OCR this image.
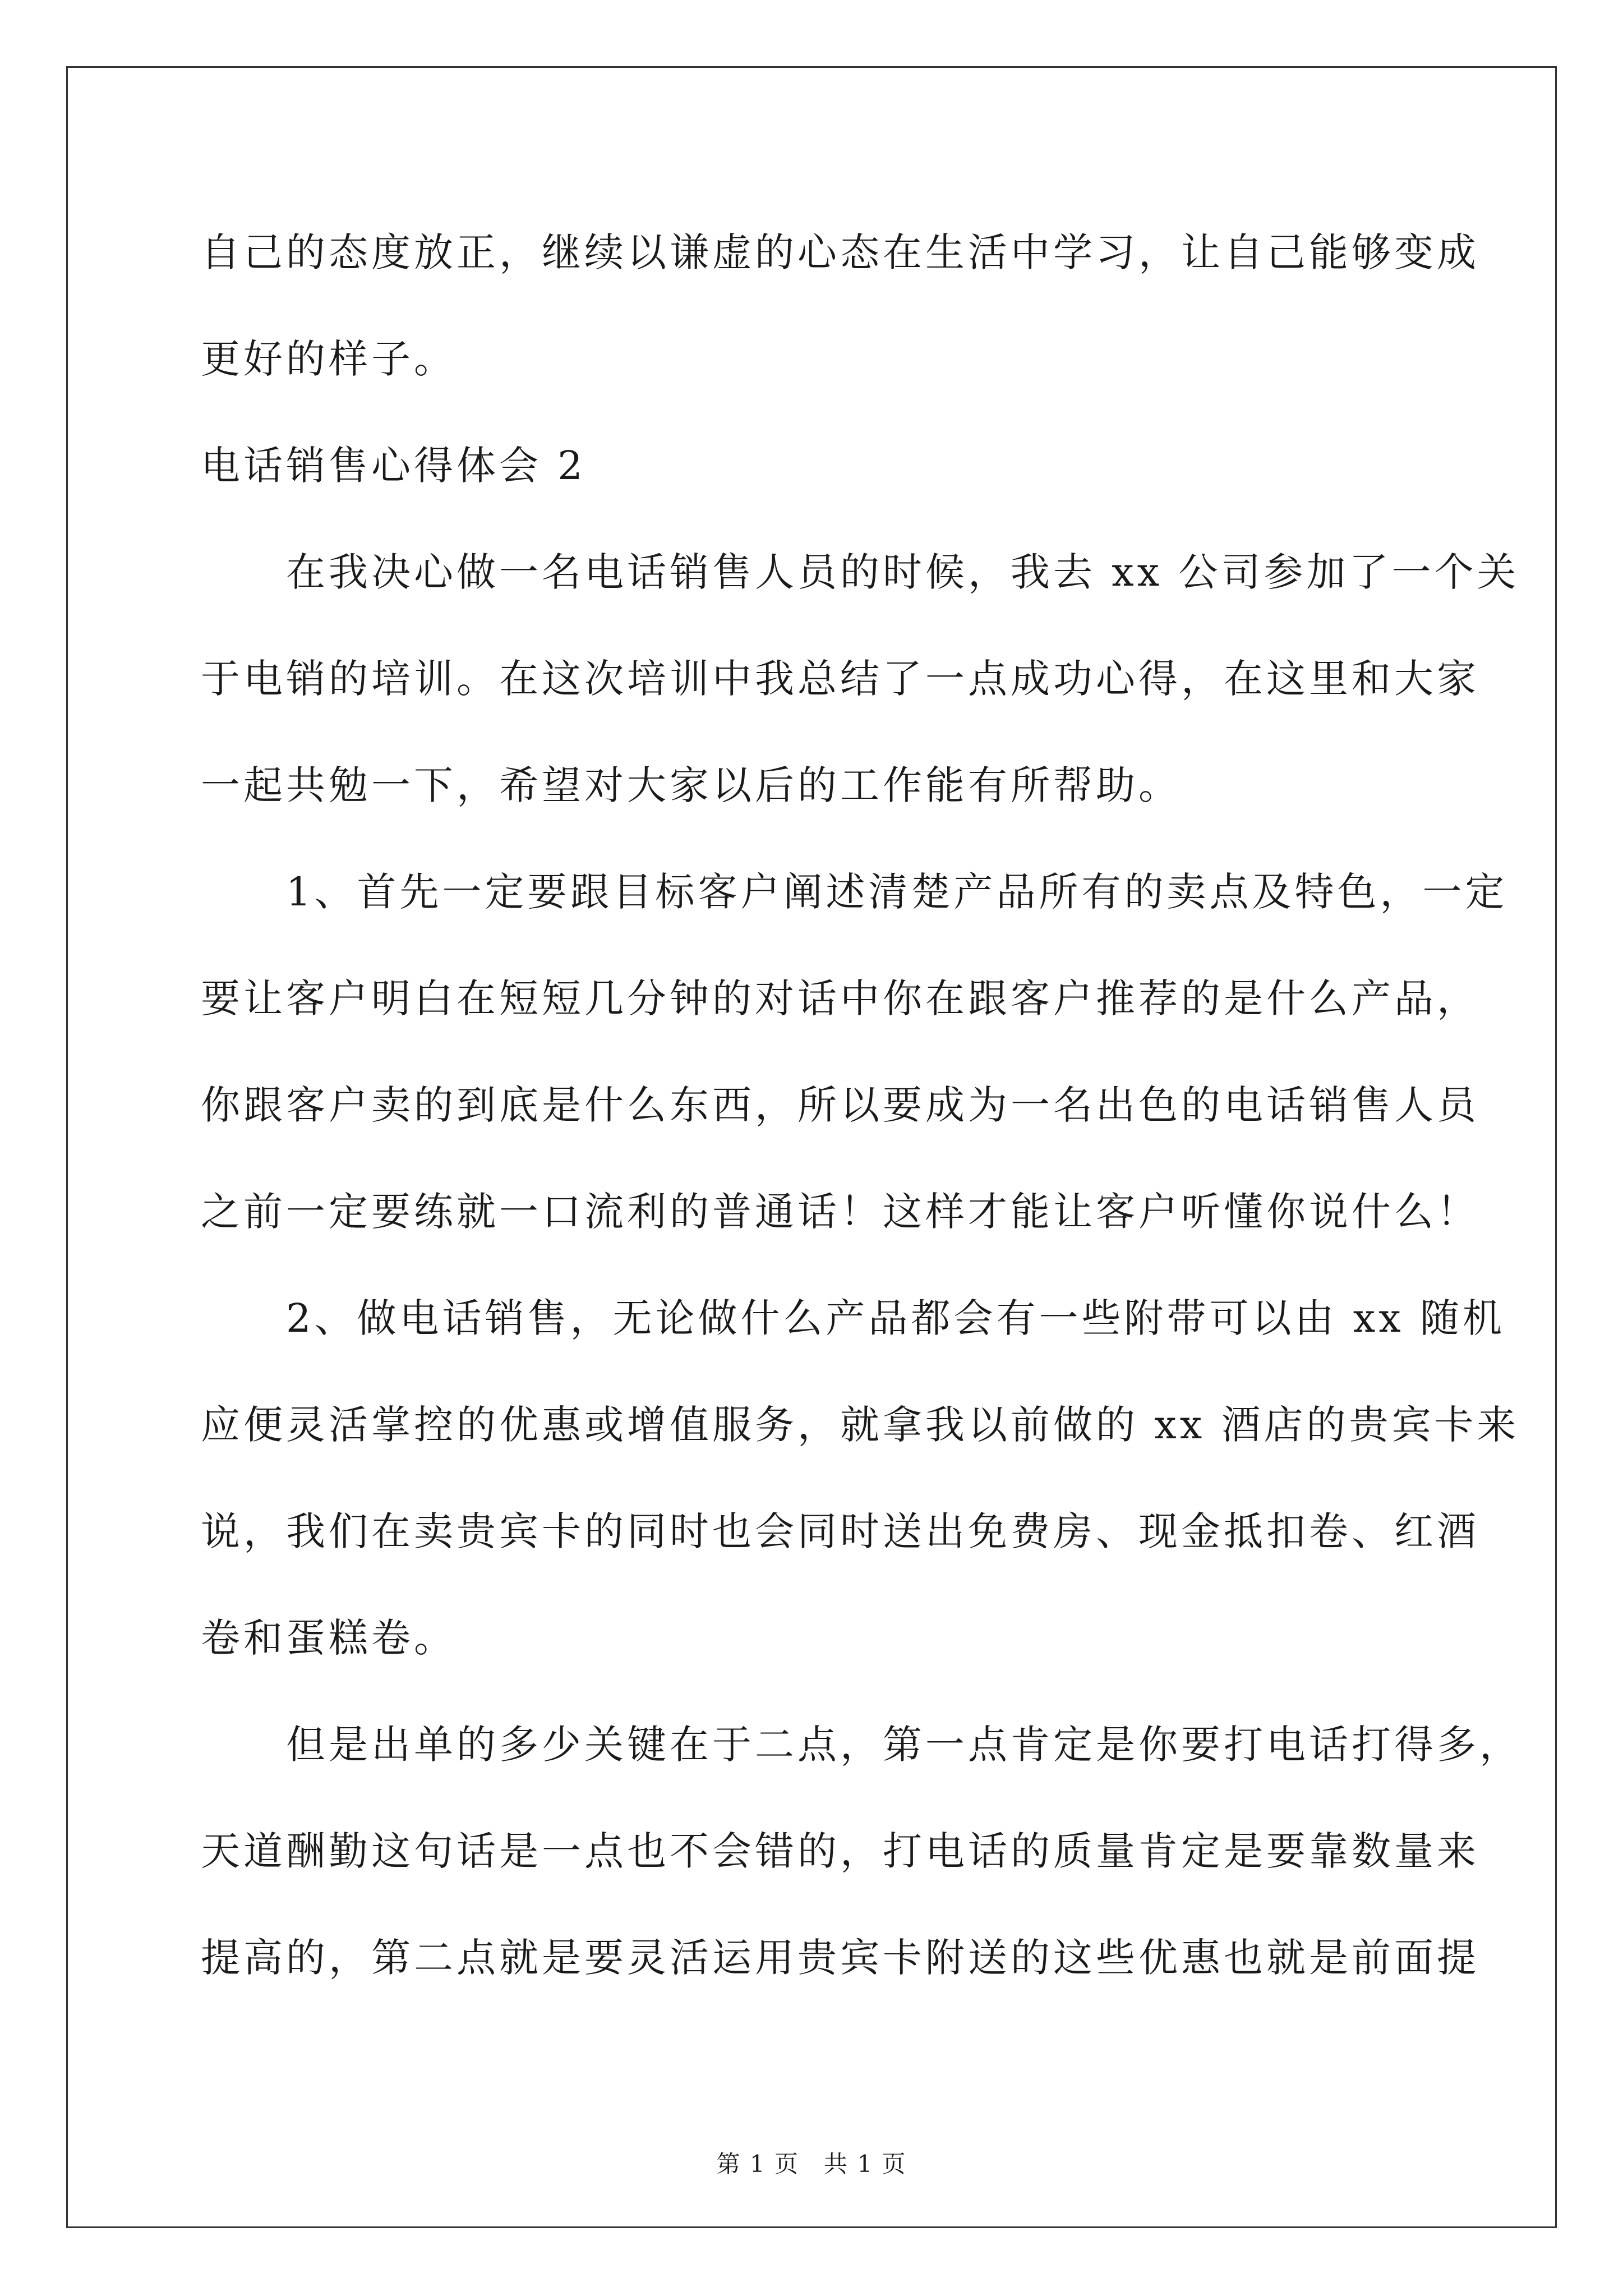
自己的态度放正，继续以谦虚的心态在生活中学习，让自己能够变成

更好的样子。

电话销售心得体会 2

　　在我决心做一名电话销售人员的时候，我去 xx 公司参加了一个关

于电销的培训。在这次培训中我总结了一点成功心得，在这里和大家

一起共勉一下，希望对大家以后的工作能有所帮助。

　　1、首先一定要跟目标客户阐述清楚产品所有的卖点及特色，一定

要让客户明白在短短几分钟的对话中你在跟客户推荐的是什么产品，

你跟客户卖的到底是什么东西，所以要成为一名出色的电话销售人员

之前一定要练就一口流利的普通话！这样才能让客户听懂你说什么！

　　2、做电话销售，无论做什么产品都会有一些附带可以由 xx 随机

应便灵活掌控的优惠或增值服务，就拿我以前做的 xx 酒店的贵宾卡来

说，我们在卖贵宾卡的同时也会同时送出免费房、现金抵扣卷、红酒

卷和蛋糕卷。

　　但是出单的多少关键在于二点，第一点肯定是你要打电话打得多，

天道酬勤这句话是一点也不会错的，打电话的质量肯定是要靠数量来

提高的，第二点就是要灵活运用贵宾卡附送的这些优惠也就是前面提

第 1 页　共 1 页
